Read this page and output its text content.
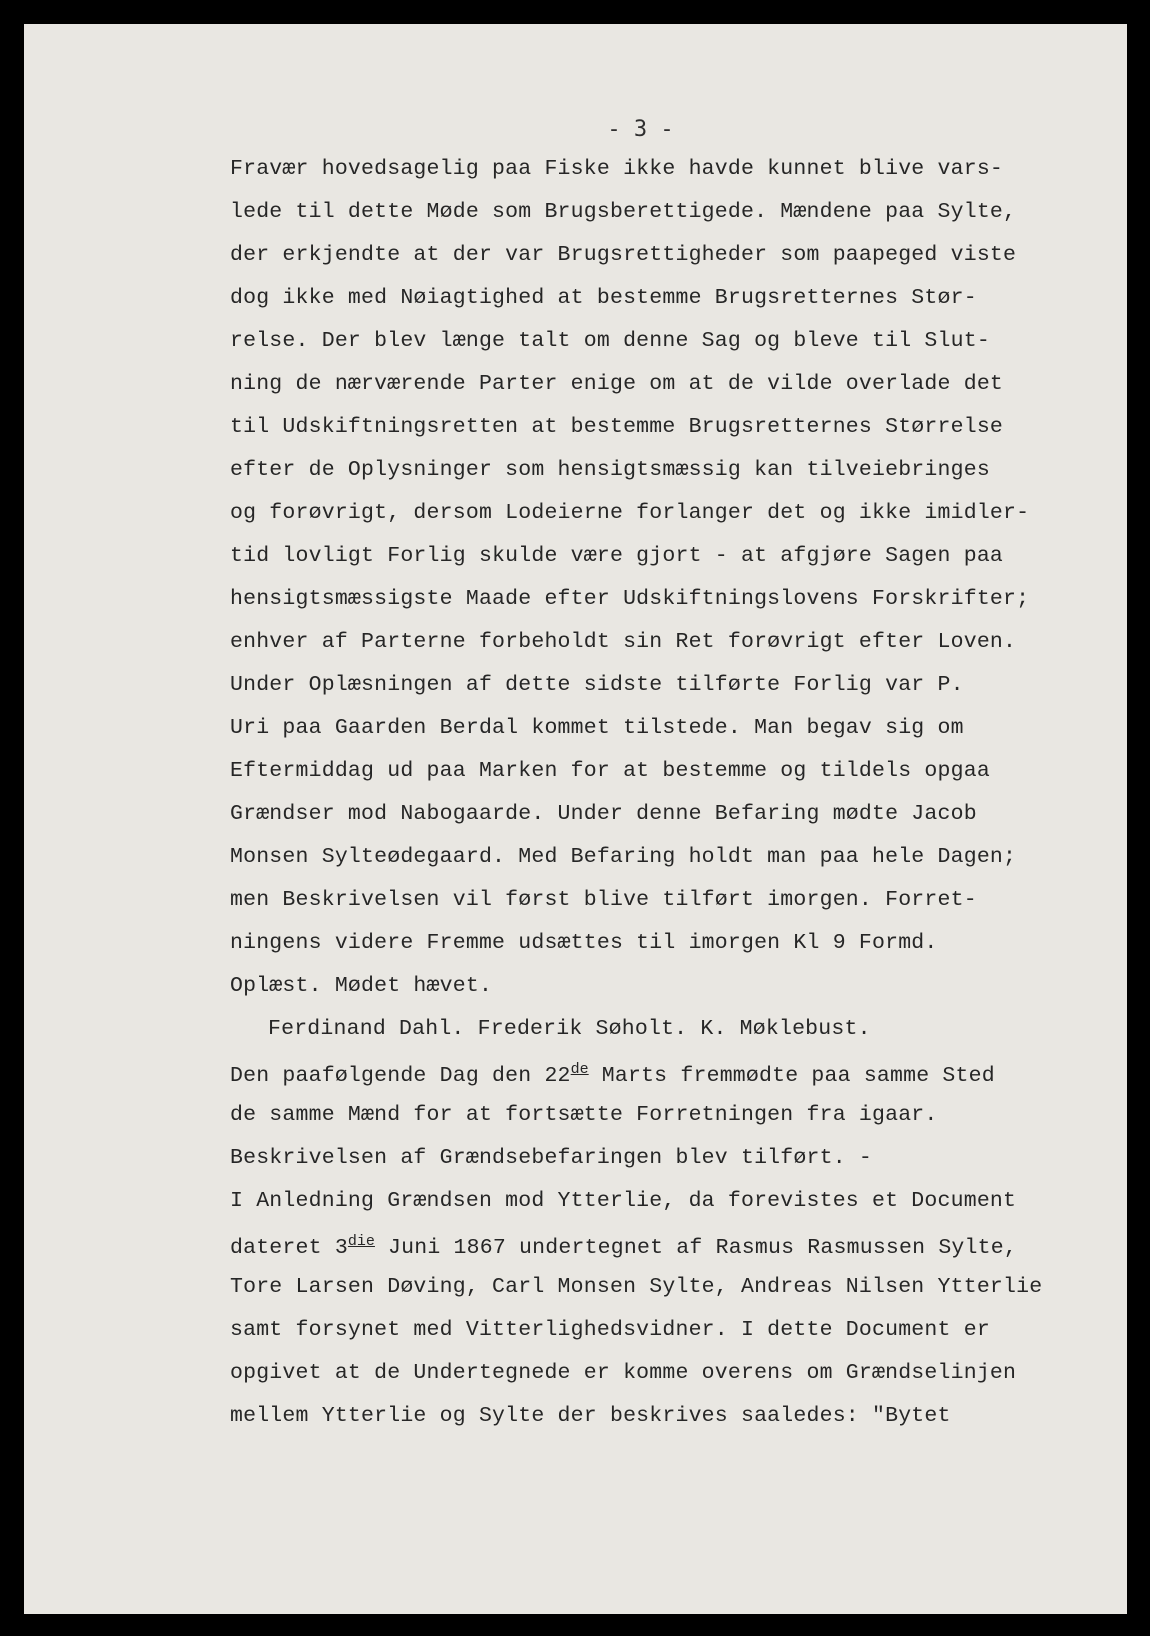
- 3 -
Fravær hovedsagelig paa Fiske ikke havde kunnet blive vars-
lede til dette Møde som Brugsberettigede. Mændene paa Sylte,
der erkjendte at der var Brugsrettigheder som paapeged viste
dog ikke med Nøiagtighed at bestemme Brugsretternes Stør-
relse. Der blev længe talt om denne Sag og bleve til Slut-
ning de nærværende Parter enige om at de vilde overlade det
til Udskiftningsretten at bestemme Brugsretternes Størrelse
efter de Oplysninger som hensigtsmæssig kan tilveiebringes
og forøvrigt, dersom Lodeierne forlanger det og ikke imidler-
tid lovligt Forlig skulde være gjort - at afgjøre Sagen paa
hensigtsmæssigste Maade efter Udskiftningslovens Forskrifter;
enhver af Parterne forbeholdt sin Ret forøvrigt efter Loven.
Under Oplæsningen af dette sidste tilførte Forlig var P.
Uri paa Gaarden Berdal kommet tilstede. Man begav sig om
Eftermiddag ud paa Marken for at bestemme og tildels opgaa
Grændser mod Nabogaarde. Under denne Befaring mødte Jacob
Monsen Sylteødegaard. Med Befaring holdt man paa hele Dagen;
men Beskrivelsen vil først blive tilført imorgen. Forret-
ningens videre Fremme udsættes til imorgen Kl 9 Formd.
Oplæst. Mødet hævet.
Ferdinand Dahl. Frederik Søholt. K. Møklebust.
Den paafølgende Dag den 22de Marts fremmødte paa samme Sted
de samme Mænd for at fortsætte Forretningen fra igaar.
Beskrivelsen af Grændsebefaringen blev tilført. -
I Anledning Grændsen mod Ytterlie, da forevistes et Document
dateret $3^{die}$ Juni 1867 undertegnet af Rasmus Rasmussen Sylte,
Tore Larsen Døving, Carl Monsen Sylte, Andreas Nilsen Ytterlie
samt forsynet med Vitterlighedsvidner. I dette Document er
opgivet at de Undertegnede er komme overens om Grændselinjen
mellem Ytterlie og Sylte der beskrives saaledes: "Bytet
